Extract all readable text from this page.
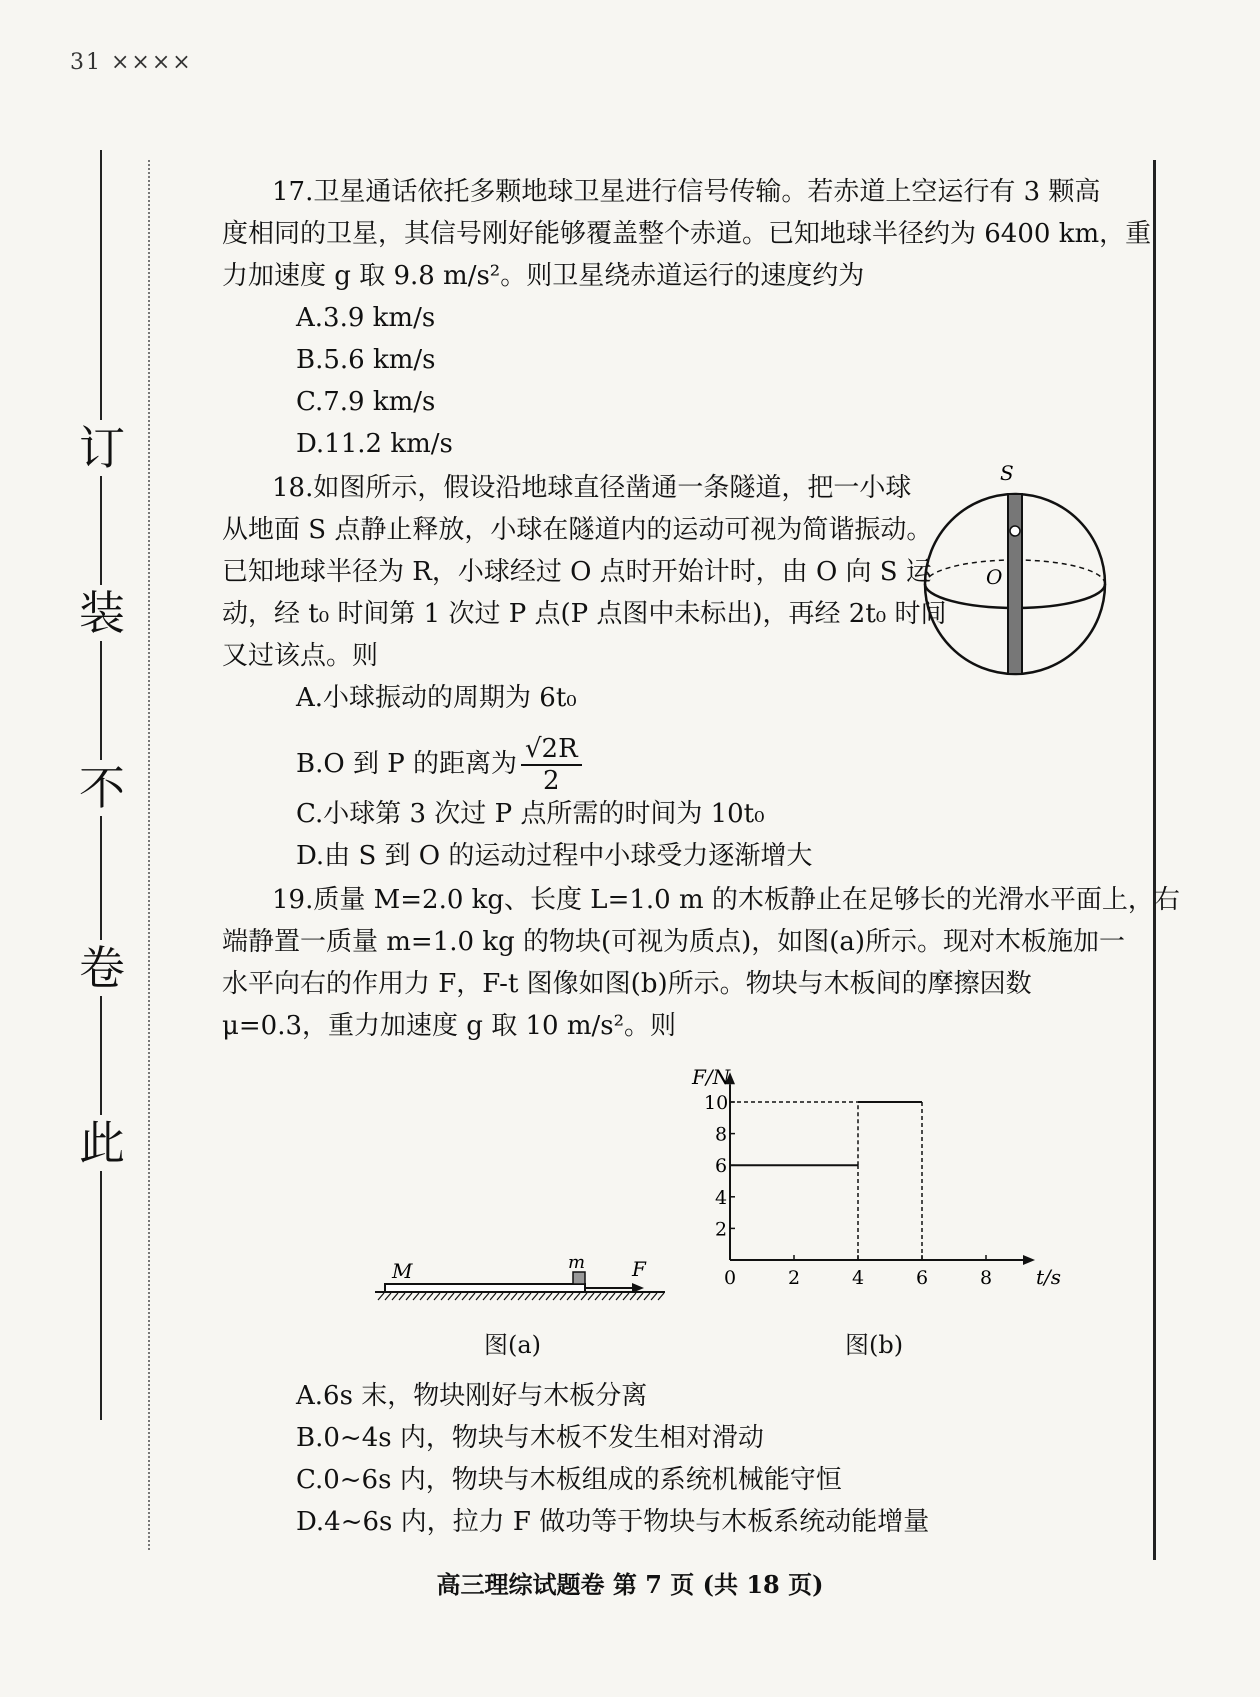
31 ××××
订
装
不
卷
此
17.卫星通话依托多颗地球卫星进行信号传输。若赤道上空运行有 3 颗高
度相同的卫星，其信号刚好能够覆盖整个赤道。已知地球半径约为 6400 km，重
力加速度 g 取 9.8 m/s²。则卫星绕赤道运行的速度约为
A.3.9 km/s
B.5.6 km/s
C.7.9 km/s
D.11.2 km/s
18.如图所示，假设沿地球直径凿通一条隧道，把一小球
从地面 S 点静止释放，小球在隧道内的运动可视为简谐振动。
已知地球半径为 R，小球经过 O 点时开始计时，由 O 向 S 运
动，经 t₀ 时间第 1 次过 P 点(P 点图中未标出)，再经 2t₀ 时间
又过该点。则
A.小球振动的周期为 6t₀
B.O 到 P 的距离为 $\frac{√2R}{2}$
C.小球第 3 次过 P 点所需的时间为 10t₀
D.由 S 到 O 的运动过程中小球受力逐渐增大
S
O
19.质量 M=2.0 kg、长度 L=1.0 m 的木板静止在足够长的光滑水平面上，右
端静置一质量 m=1.0 kg 的物块(可视为质点)，如图(a)所示。现对木板施加一
水平向右的作用力 F，F-t 图像如图(b)所示。物块与木板间的摩擦因数
μ=0.3，重力加速度 g 取 10 m/s²。则
M	m F
图(a)
0	2	4	6	8
2
4
6
8
10
t/s
F/N
图(b)
A.6s 末，物块刚好与木板分离
B.0~4s 内，物块与木板不发生相对滑动
C.0~6s 内，物块与木板组成的系统机械能守恒
D.4~6s 内，拉力 F 做功等于物块与木板系统动能增量
高三理综试题卷 第 7 页 (共 18 页)
